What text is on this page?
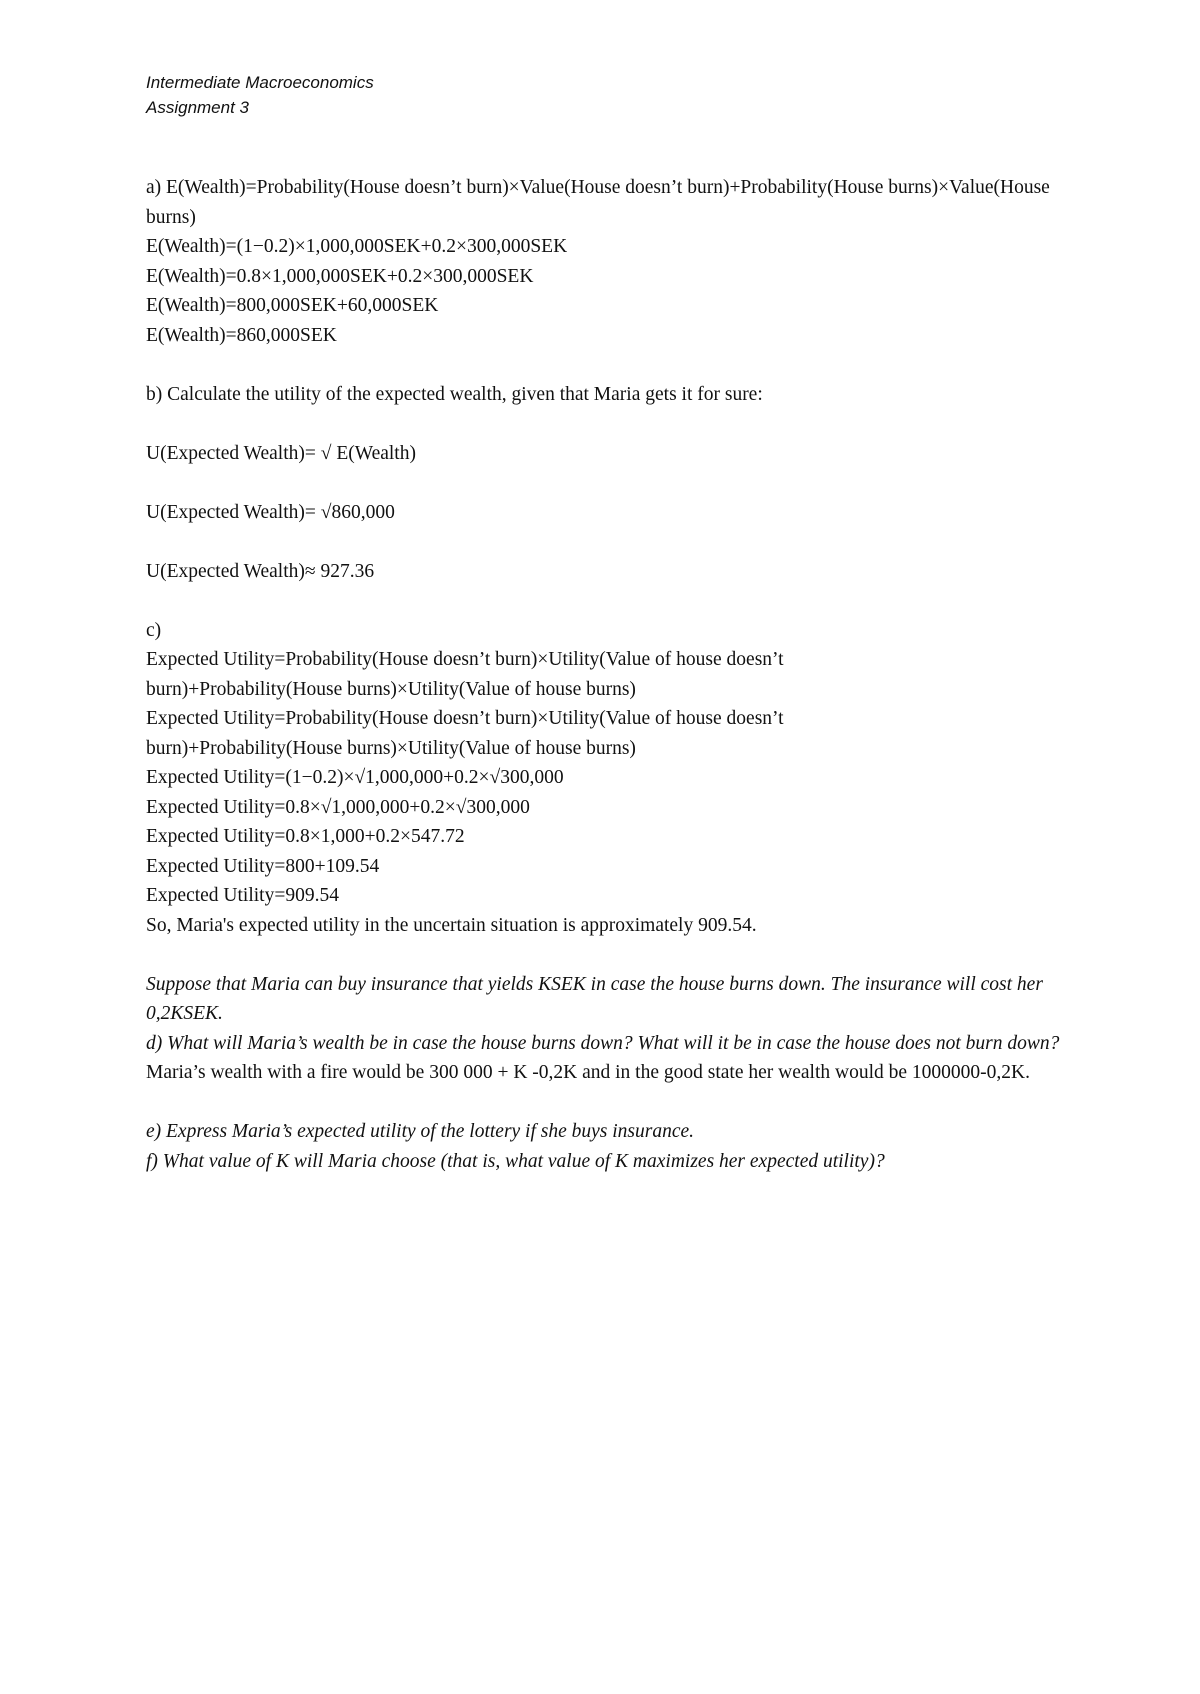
Intermediate Macroeconomics
Assignment 3
a) E(Wealth)=Probability(House doesn’t burn)×Value(House doesn’t burn)+Probability(House burns)×Value(House burns)
E(Wealth)=(1−0.2)×1,000,000SEK+0.2×300,000SEK
E(Wealth)=0.8×1,000,000SEK+0.2×300,000SEK
E(Wealth)=800,000SEK+60,000SEK
E(Wealth)=860,000SEK
b) Calculate the utility of the expected wealth, given that Maria gets it for sure:
U(Expected Wealth)= √ E(Wealth)
U(Expected Wealth)= √860,000
U(Expected Wealth)≈ 927.36
c)
Expected Utility=Probability(House doesn’t burn)×Utility(Value of house doesn’t burn)+Probability(House burns)×Utility(Value of house burns)
Expected Utility=Probability(House doesn’t burn)×Utility(Value of house doesn’t burn)+Probability(House burns)×Utility(Value of house burns)
Expected Utility=(1−0.2)×√1,000,000+0.2×√300,000
Expected Utility=0.8×√1,000,000+0.2×√300,000
Expected Utility=0.8×1,000+0.2×547.72
Expected Utility=800+109.54
Expected Utility=909.54
So, Maria's expected utility in the uncertain situation is approximately 909.54.
Suppose that Maria can buy insurance that yields KSEK in case the house burns down. The insurance will cost her 0,2KSEK.
d) What will Maria’s wealth be in case the house burns down? What will it be in case the house does not burn down?
Maria’s wealth with a fire would be 300 000 + K -0,2K and in the good state her wealth would be 1000000-0,2K.
e) Express Maria’s expected utility of the lottery if she buys insurance.
f) What value of K will Maria choose (that is, what value of K maximizes her expected utility)?
